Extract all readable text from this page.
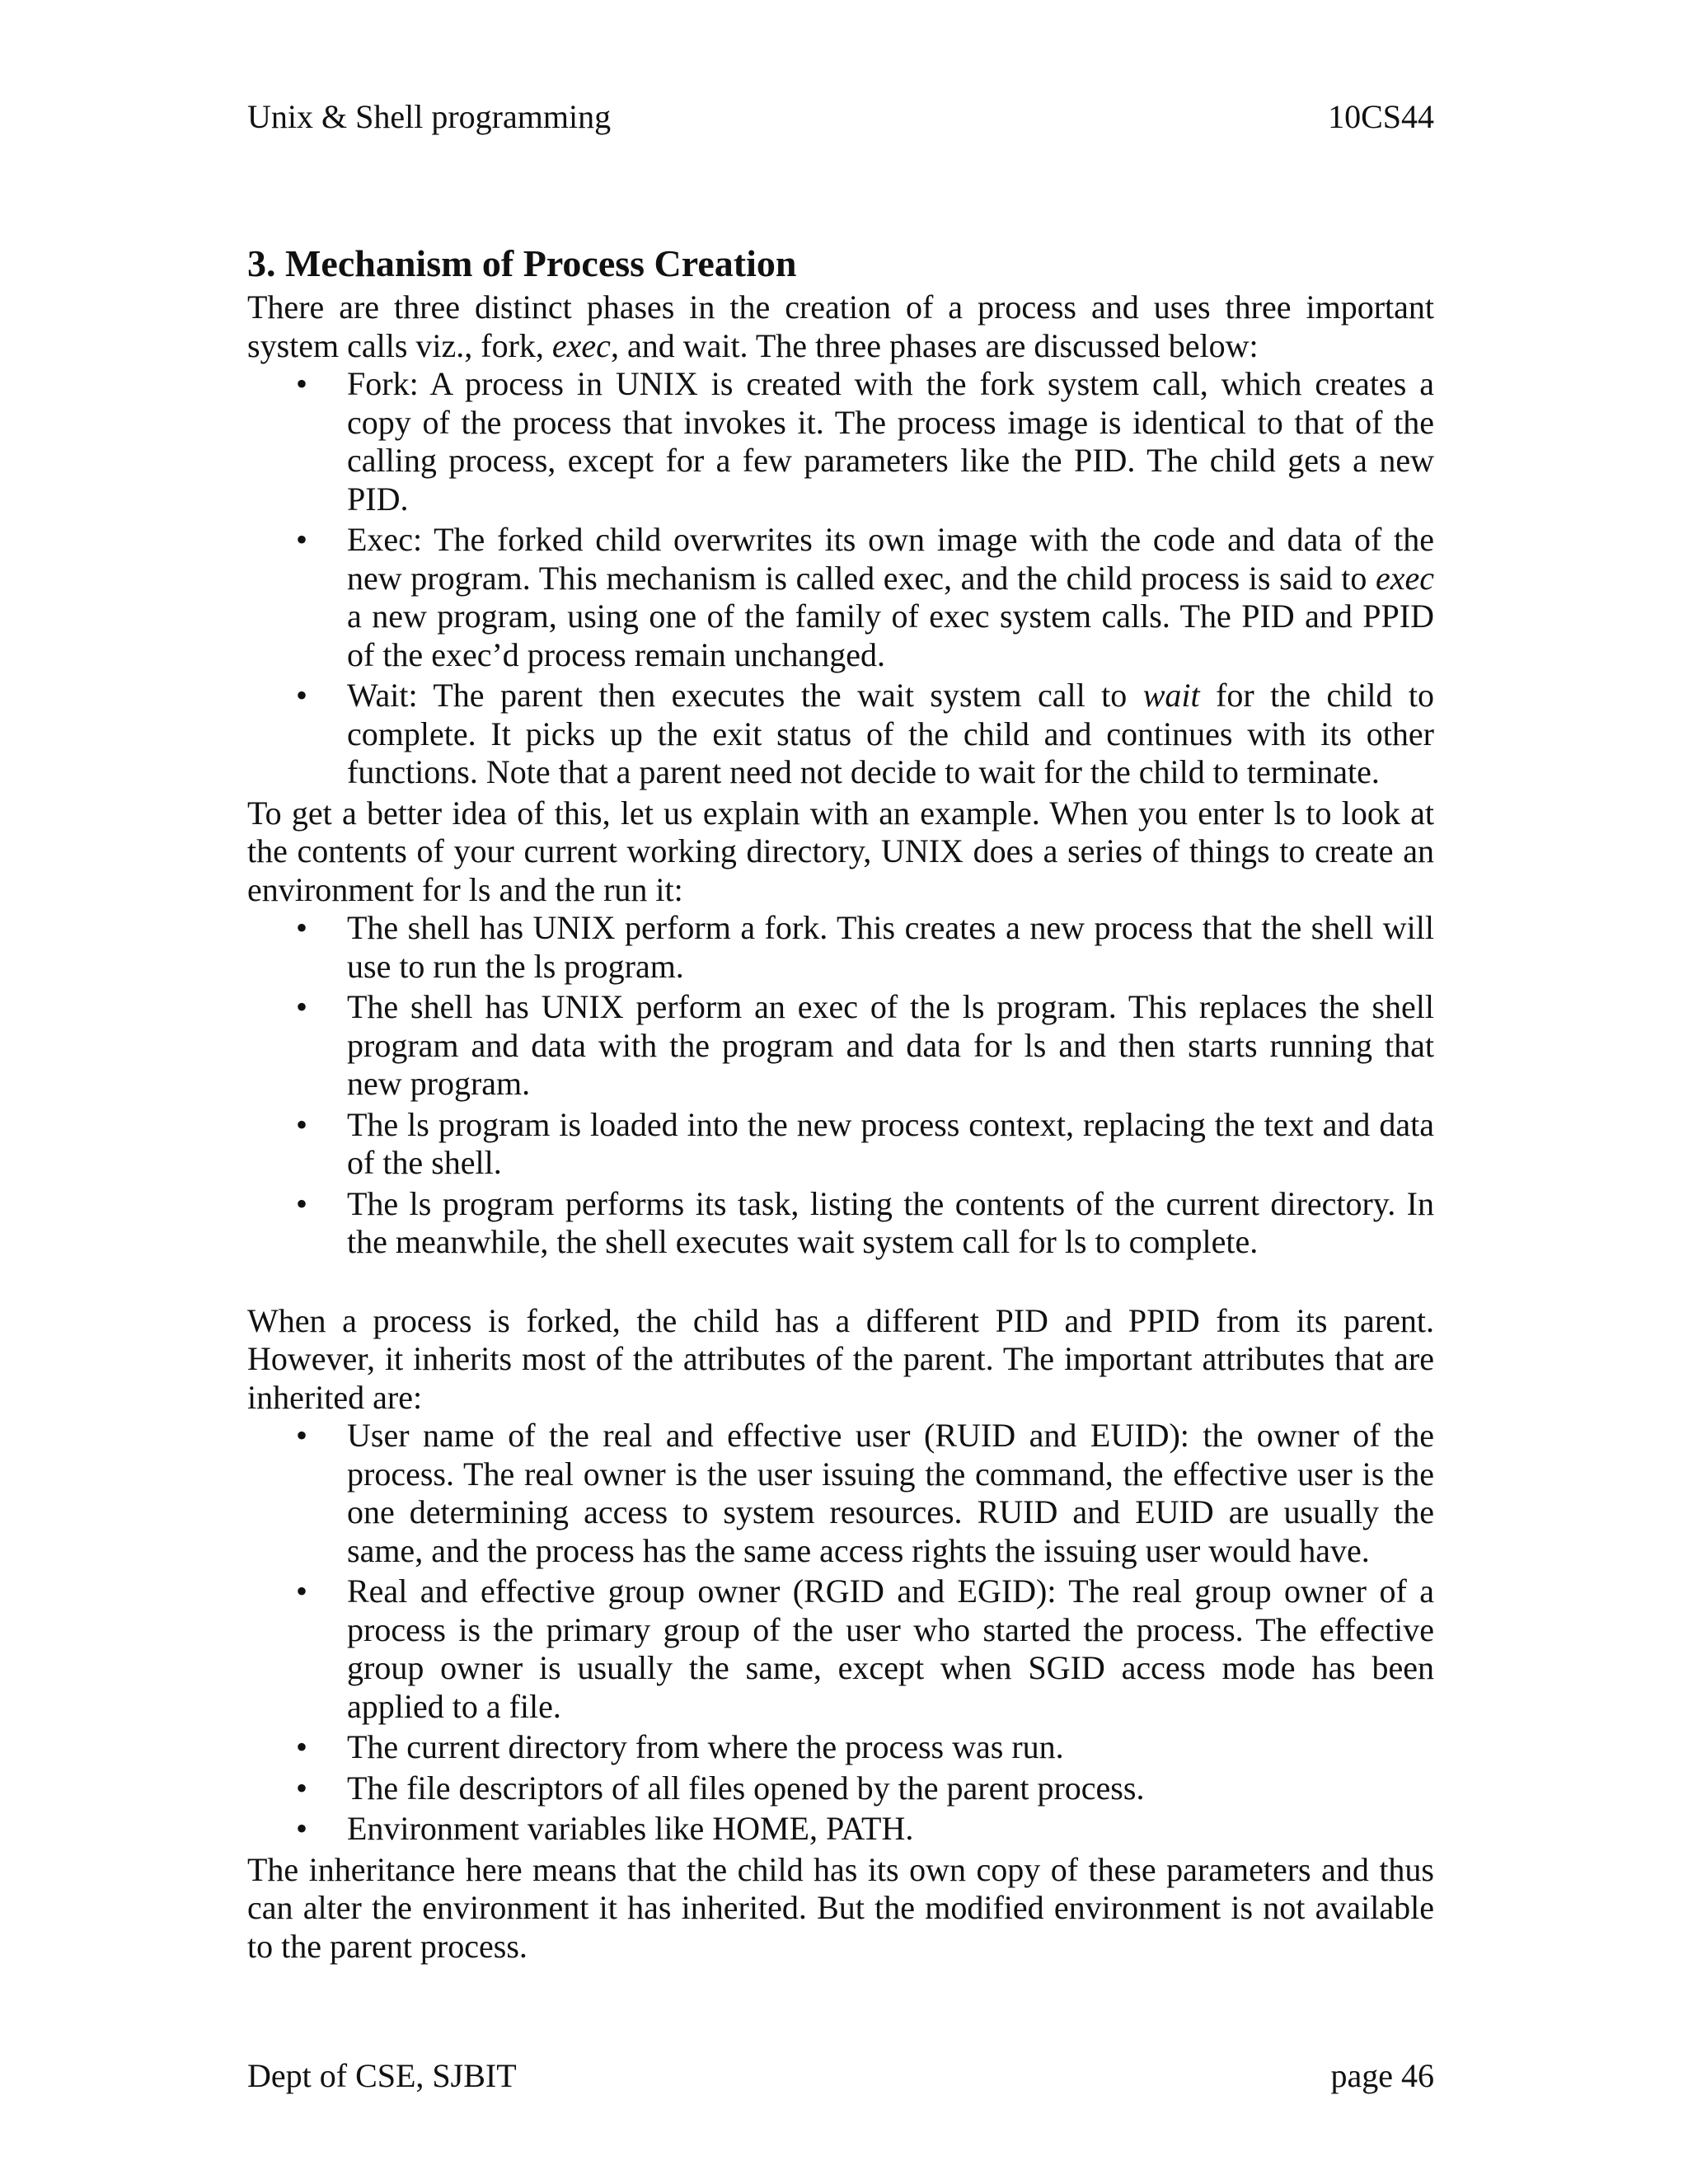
Unix & Shell programming	10CS44
3. Mechanism of Process Creation

There are three distinct phases in the creation of a process and uses three important system calls viz., fork, exec, and wait. The three phases are discussed below:

• Fork: A process in UNIX is created with the fork system call, which creates a copy of the process that invokes it. The process image is identical to that of the calling process, except for a few parameters like the PID. The child gets a new PID.
• Exec: The forked child overwrites its own image with the code and data of the new program. This mechanism is called exec, and the child process is said to exec a new program, using one of the family of exec system calls. The PID and PPID of the exec’d process remain unchanged.
• Wait: The parent then executes the wait system call to wait for the child to complete. It picks up the exit status of the child and continues with its other functions. Note that a parent need not decide to wait for the child to terminate.

To get a better idea of this, let us explain with an example. When you enter ls to look at the contents of your current working directory, UNIX does a series of things to create an environment for ls and the run it:

• The shell has UNIX perform a fork. This creates a new process that the shell will use to run the ls program.
• The shell has UNIX perform an exec of the ls program. This replaces the shell program and data with the program and data for ls and then starts running that new program.
• The ls program is loaded into the new process context, replacing the text and data of the shell.
• The ls program performs its task, listing the contents of the current directory. In the meanwhile, the shell executes wait system call for ls to complete.

When a process is forked, the child has a different PID and PPID from its parent. However, it inherits most of the attributes of the parent. The important attributes that are inherited are:

• User name of the real and effective user (RUID and EUID): the owner of the process. The real owner is the user issuing the command, the effective user is the one determining access to system resources. RUID and EUID are usually the same, and the process has the same access rights the issuing user would have.
• Real and effective group owner (RGID and EGID): The real group owner of a process is the primary group of the user who started the process. The effective group owner is usually the same, except when SGID access mode has been applied to a file.
• The current directory from where the process was run.
• The file descriptors of all files opened by the parent process.
• Environment variables like HOME, PATH.

The inheritance here means that the child has its own copy of these parameters and thus can alter the environment it has inherited. But the modified environment is not available to the parent process.

Dept of CSE, SJBIT	page 46
